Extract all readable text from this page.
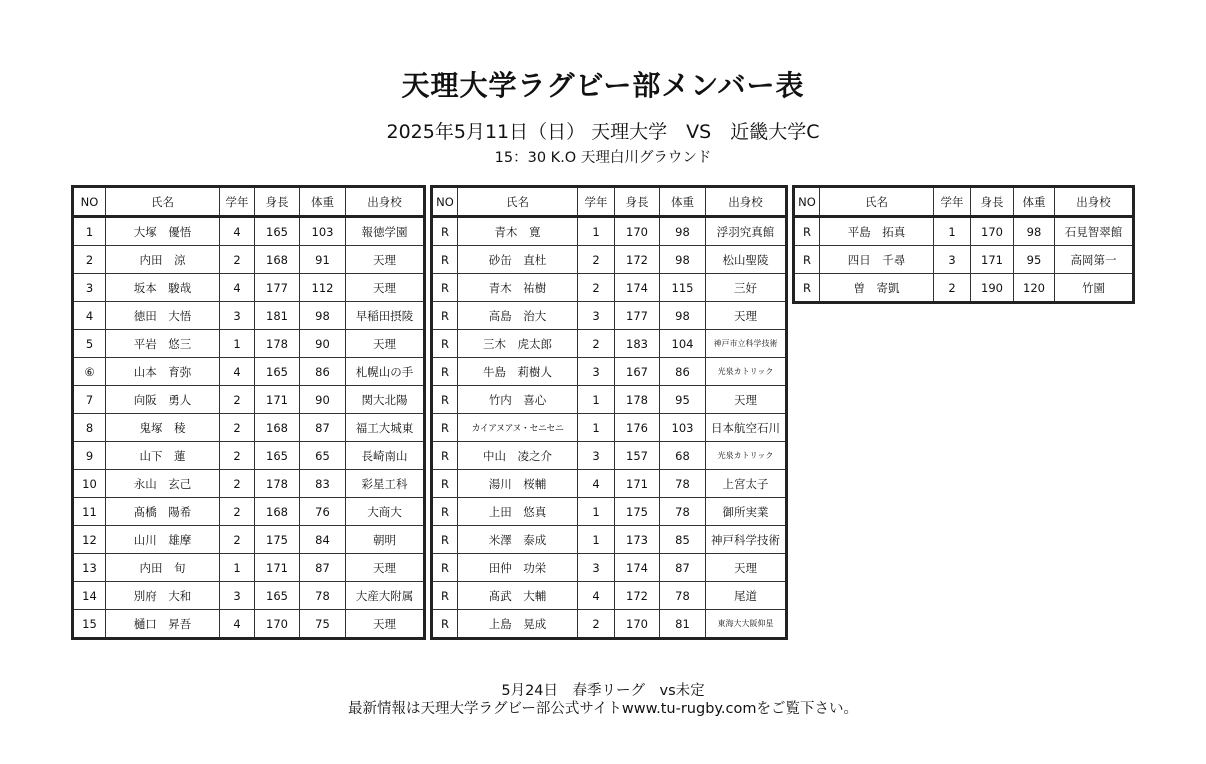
天理大学ラグビー部メンバー表
2025年5月11日（日） 天理大学　VS　近畿大学C
15：30 K.O 天理白川グラウンド
NO	氏名	学年	身長	体重	出身校
1	大塚　優悟	4	165	103	報徳学園
2	内田　涼	2	168	91	天理
3	坂本　駿哉	4	177	112	天理
4	徳田　大悟	3	181	98	早稲田摂陵
5	平岩　悠三	1	178	90	天理
⑥	山本　育弥	4	165	86	札幌山の手
7	向阪　勇人	2	171	90	関大北陽
8	鬼塚　稜	2	168	87	福工大城東
9	山下　蓮	2	165	65	長崎南山
10	永山　玄己	2	178	83	彩星工科
11	髙橋　陽希	2	168	76	大商大
12	山川　雄摩	2	175	84	朝明
13	内田　旬	1	171	87	天理
14	別府　大和	3	165	78	大産大附属
15	樋口　昇吾	4	170	75	天理
NO	氏名	学年	身長	体重	出身校
R	青木　寛	1	170	98	浮羽究真館
R	砂缶　直杜	2	172	98	松山聖陵
R	青木　祐樹	2	174	115	三好
R	高島　治大	3	177	98	天理
R	三木　虎太郎	2	183	104	神戸市立科学技術
R	牛島　莉樹人	3	167	86	光泉カトリック
R	竹内　喜心	1	178	95	天理
R	カイアヌアヌ・セニセニ	1	176	103	日本航空石川
R	中山　凌之介	3	157	68	光泉カトリック
R	湯川　桜輔	4	171	78	上宮太子
R	上田　悠真	1	175	78	御所実業
R	米澤　泰成	1	173	85	神戸科学技術
R	田仲　功栄	3	174	87	天理
R	髙武　大輔	4	172	78	尾道
R	上島　晃成	2	170	81	東海大大阪仰星
NO	氏名	学年	身長	体重	出身校
R	平島　拓真	1	170	98	石見智翠館
R	四日　千尋	3	171	95	高岡第一
R	曽　寄凱	2	190	120	竹園
5月24日　春季リーグ　vs未定
最新情報は天理大学ラグビー部公式サイトwww.tu-rugby.comをご覧下さい。
